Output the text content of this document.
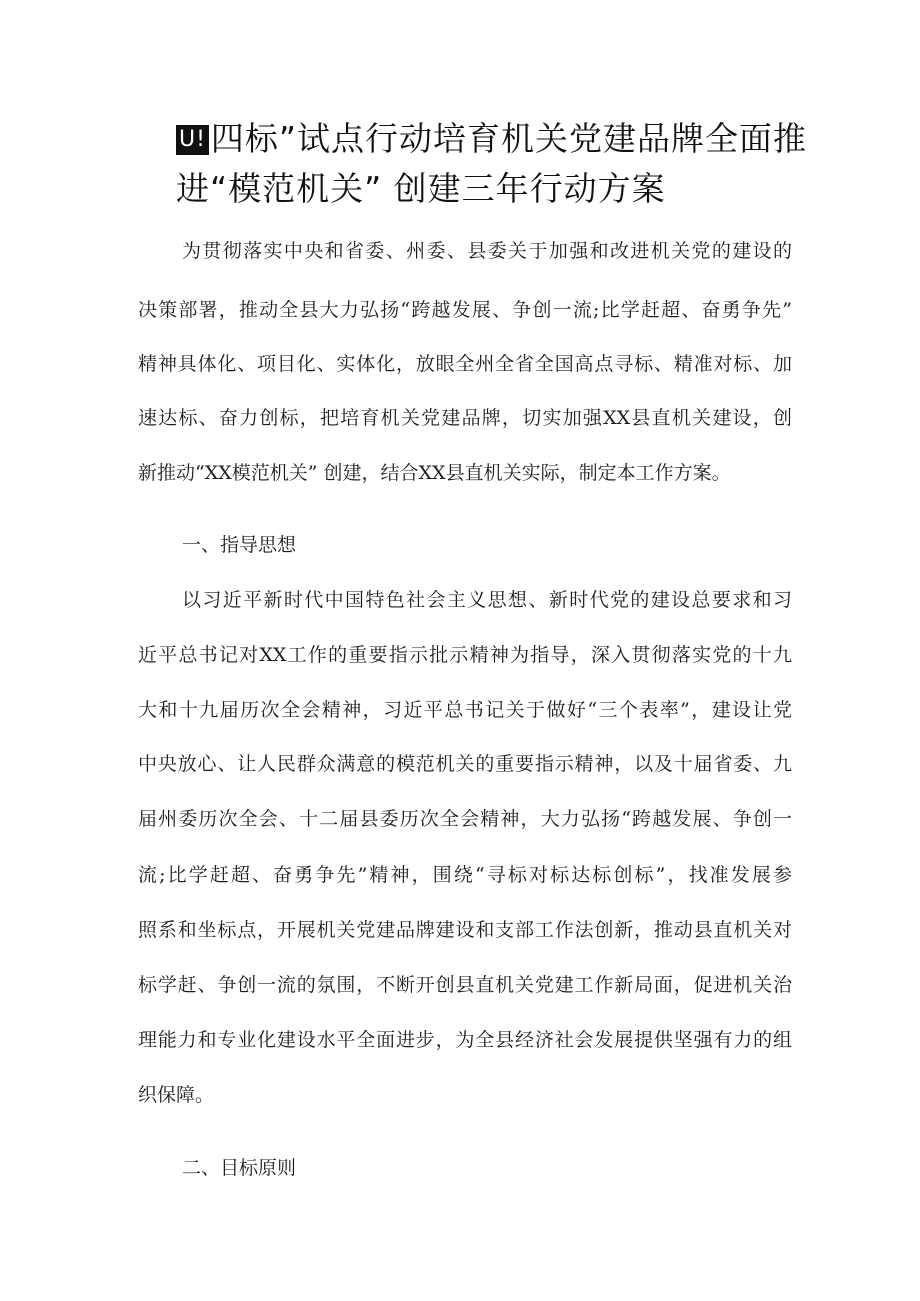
U! 四标”试点行动培育机关党建品牌全面推
进“模范机关” 创建三年行动方案
为贯彻落实中央和省委、州委、县委关于加强和改进机关党的建设的
决策部署，推动全县大力弘扬“跨越发展、争创一流;比学赶超、奋勇争先”
精神具体化、项目化、实体化，放眼全州全省全国高点寻标、精准对标、加
速达标、奋力创标，把培育机关党建品牌，切实加强XX县直机关建设，创
新推动“XX模范机关” 创建，结合XX县直机关实际，制定本工作方案。
一、指导思想
以习近平新时代中国特色社会主义思想、新时代党的建设总要求和习
近平总书记对XX工作的重要指示批示精神为指导，深入贯彻落实党的十九
大和十九届历次全会精神，习近平总书记关于做好“三个表率”，建设让党
中央放心、让人民群众满意的模范机关的重要指示精神，以及十届省委、九
届州委历次全会、十二届县委历次全会精神，大力弘扬“跨越发展、争创一
流;比学赶超、奋勇争先”精神，围绕“寻标对标达标创标”，找准发展参
照系和坐标点，开展机关党建品牌建设和支部工作法创新，推动县直机关对
标学赶、争创一流的氛围，不断开创县直机关党建工作新局面，促进机关治
理能力和专业化建设水平全面进步，为全县经济社会发展提供坚强有力的组
织保障。
二、目标原则
